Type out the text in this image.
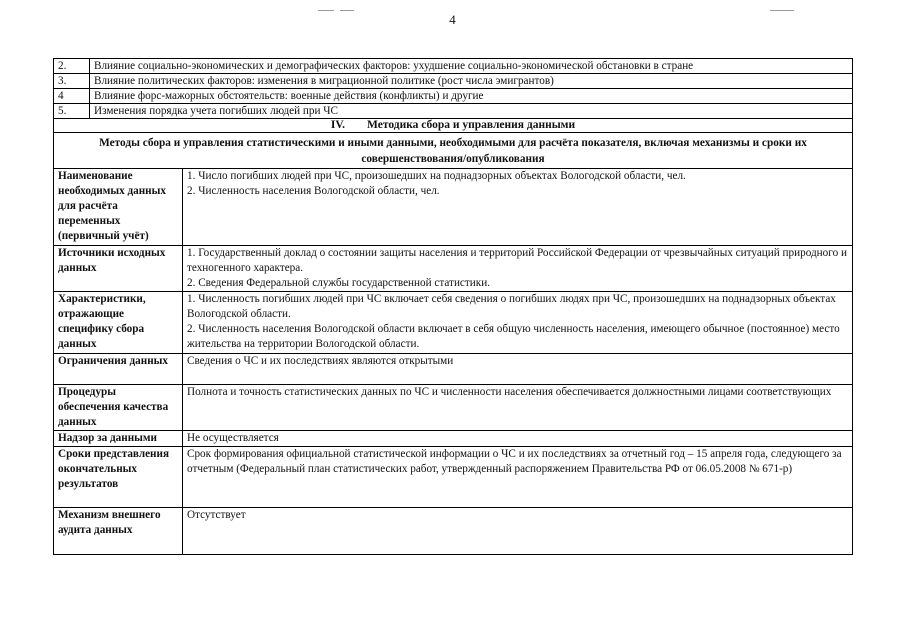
4
2.	Влияние социально-экономических и демографических факторов: ухудшение социально-экономической обстановки в стране
3.	Влияние политических факторов: изменения в миграционной политике (рост числа эмигрантов)
4	Влияние форс-мажорных обстоятельств: военные действия (конфликты) и другие
5.	Изменения порядка учета погибших людей при ЧС
IV. Методика сбора и управления данными
Методы сбора и управления статистическими и иными данными, необходимыми для расчёта показателя, включая механизмы и сроки их совершенствования/опубликования
Наименование необходимых данных для расчёта переменных (первичный учёт)	1. Число погибших людей при ЧС, произошедших на поднадзорных объектах Вологодской области, чел.
2. Численность населения Вологодской области, чел.
Источники исходных данных	1. Государственный доклад о состоянии защиты населения и территорий Российской Федерации от чрезвычайных ситуаций природного и техногенного характера.
2. Сведения Федеральной службы государственной статистики.
Характеристики, отражающие специфику сбора данных	1. Численность погибших людей при ЧС включает себя сведения о погибших людях при ЧС, произошедших на поднадзорных объектах Вологодской области.
2. Численность населения Вологодской области включает в себя общую численность населения, имеющего обычное (постоянное) место жительства на территории Вологодской области.
Ограничения данных	Сведения о ЧС и их последствиях являются открытыми
Процедуры обеспечения качества данных	Полнота и точность статистических данных по ЧС и численности населения обеспечивается должностными лицами соответствующих
Надзор за данными	Не осуществляется
Сроки представления окончательных результатов	Срок формирования официальной статистической информации о ЧС и их последствиях за отчетный год – 15 апреля года, следующего за отчетным (Федеральный план статистических работ, утвержденный распоряжением Правительства РФ от 06.05.2008 № 671-р)
Механизм внешнего аудита данных	Отсутствует
